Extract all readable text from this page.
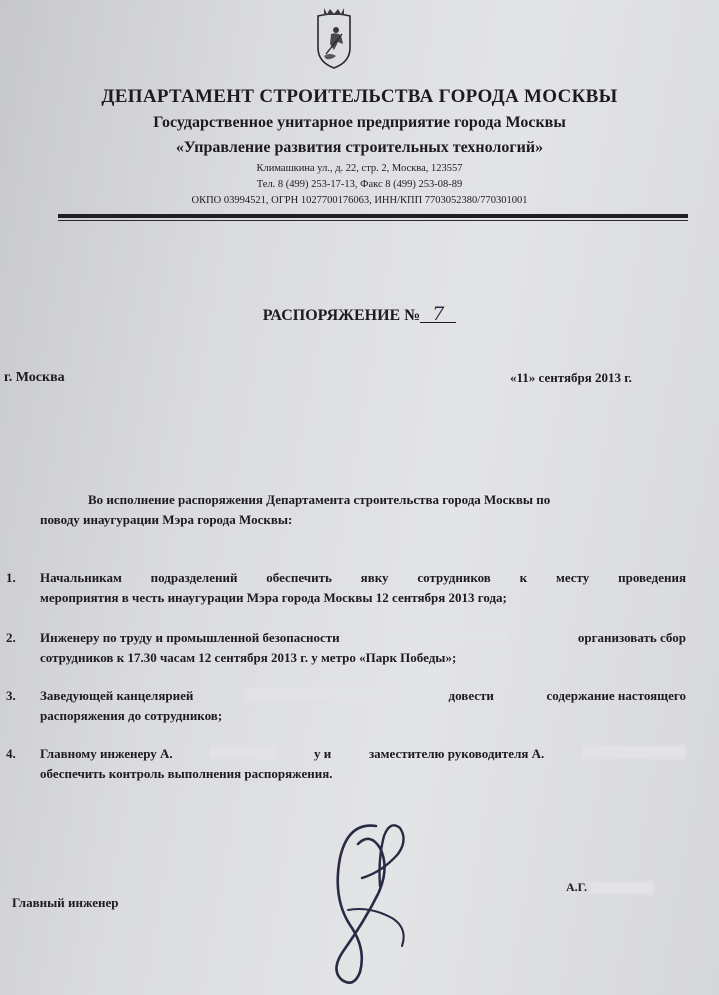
ДЕПАРТАМЕНТ СТРОИТЕЛЬСТВА ГОРОДА МОСКВЫ
Государственное унитарное предприятие города Москвы
«Управление развития строительных технологий»
Климашкина ул., д. 22, стр. 2, Москва, 123557
Тел. 8 (499) 253-17-13, Факс 8 (499) 253-08-89
ОКПО 03994521, ОГРН 1027700176063, ИНН/КПП 7703052380/770301001
РАСПОРЯЖЕНИЕ № 7
г. Москва	«11» сентября 2013 г.
Во исполнение распоряжения Департамента строительства города Москвы по
поводу инаугурации Мэра города Москвы:
1. Начальникам подразделений обеспечить явку сотрудников к месту проведения
мероприятия в честь инаугурации Мэра города Москвы 12 сентября 2013 года;
2. Инженеру по труду и промышленной безопасности	организовать сбор
сотрудников к 17.30 часам 12 сентября 2013 г. у метро «Парк Победы»;
3. Заведующей канцелярией	довести	содержание настоящего
распоряжения до сотрудников;
4. Главному инженеру А.	у и	заместителю руководителя А.
обеспечить контроль выполнения распоряжения.
Главный инженер
А.Г.
